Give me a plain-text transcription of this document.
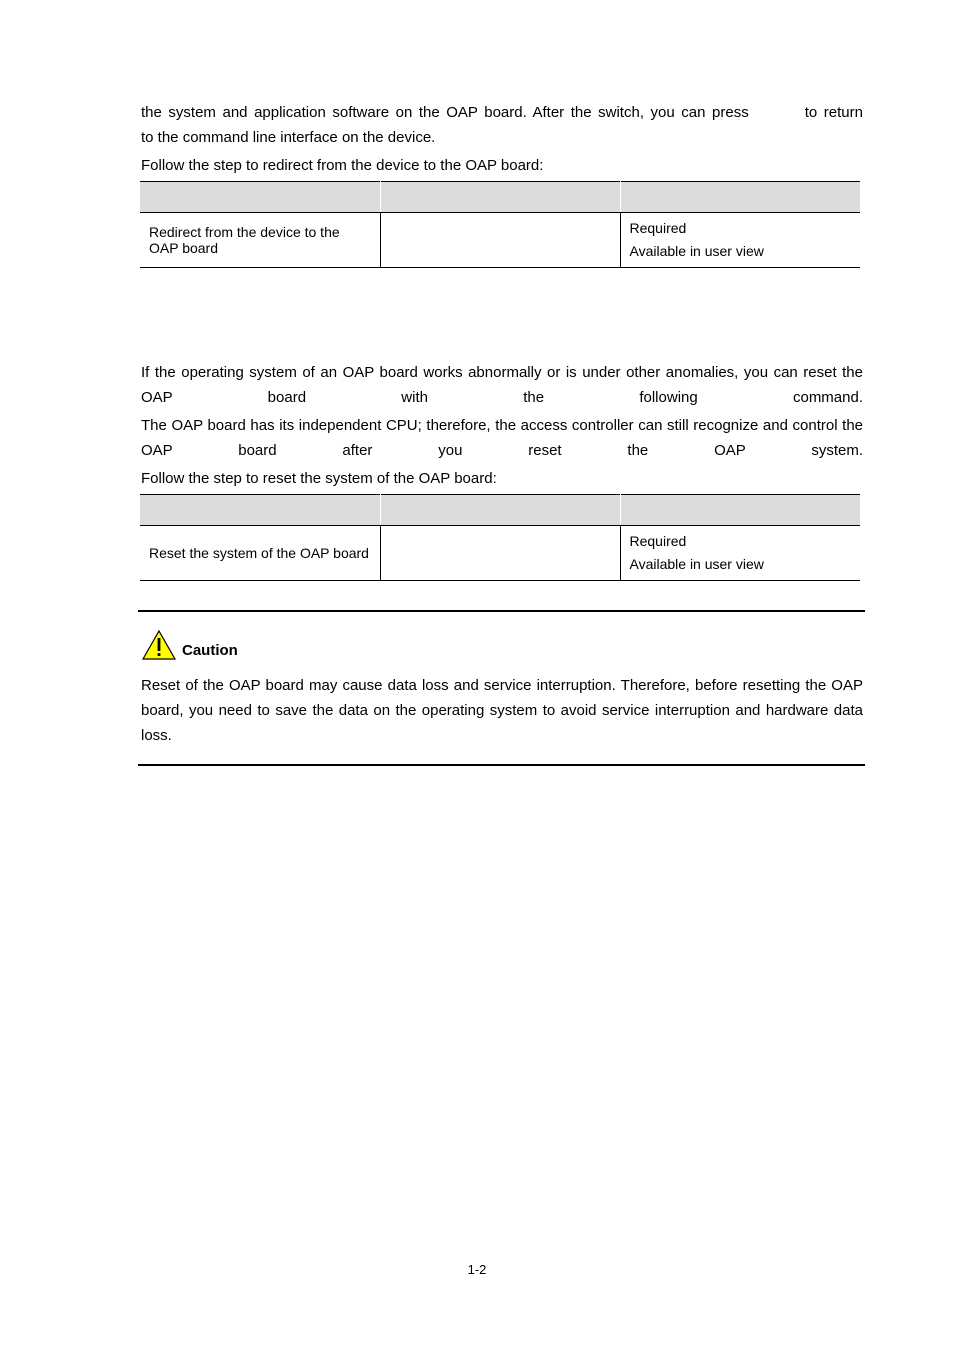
the system and application software on the OAP board. After the switch, you can press	to return

to the command line interface on the device.

Follow the step to redirect from the device to the OAP board:

Redirect from the device to the OAP board		Required
Available in user view

If the operating system of an OAP board works abnormally or is under other anomalies, you can reset the OAP board with the following command.

The OAP board has its independent CPU; therefore, the access controller can still recognize and control the OAP board after you reset the OAP system.

Follow the step to reset the system of the OAP board:

Reset the system of the OAP board		Required
Available in user view
Caution

Reset of the OAP board may cause data loss and service interruption. Therefore, before resetting the OAP board, you need to save the data on the operating system to avoid service interruption and hardware data loss.

1-2
